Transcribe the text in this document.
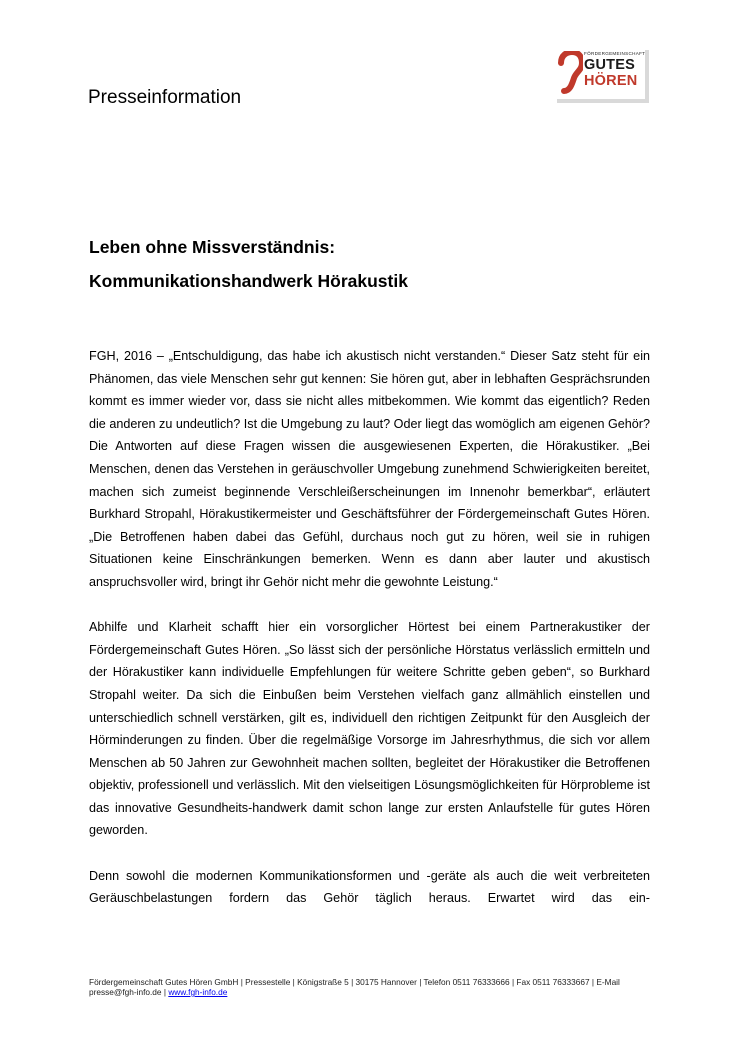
FÖRDERGEMEINSCHAFT
GUTES
HÖREN
Presseinformation
Leben ohne Missverständnis:
Kommunikationshandwerk Hörakustik

FGH, 2016 – „Entschuldigung, das habe ich akustisch nicht verstanden.“ Dieser Satz steht für ein Phänomen, das viele Menschen sehr gut kennen: Sie hören gut, aber in lebhaften Gesprächsrunden kommt es immer wieder vor, dass sie nicht alles mitbekommen. Wie kommt das eigentlich? Reden die anderen zu undeutlich? Ist die Umgebung zu laut? Oder liegt das womöglich am eigenen Gehör? Die Antworten auf diese Fragen wissen die ausgewiesenen Experten, die Hörakustiker. „Bei Menschen, denen das Verstehen in geräuschvoller Umgebung zunehmend Schwierigkeiten bereitet, machen sich zumeist beginnende Verschleißerscheinungen im Innenohr bemerkbar“, erläutert Burkhard Stropahl, Hörakustikermeister und Geschäftsführer der Fördergemeinschaft Gutes Hören. „Die Betroffenen haben dabei das Gefühl, durchaus noch gut zu hören, weil sie in ruhigen Situationen keine Einschränkungen bemerken. Wenn es dann aber lauter und akustisch anspruchsvoller wird, bringt ihr Gehör nicht mehr die gewohnte Leistung.“

Abhilfe und Klarheit schafft hier ein vorsorglicher Hörtest bei einem Partnerakustiker der Fördergemeinschaft Gutes Hören. „So lässt sich der persönliche Hörstatus verlässlich ermitteln und der Hörakustiker kann individuelle Empfehlungen für weitere Schritte geben geben“, so Burkhard Stropahl weiter. Da sich die Einbußen beim Verstehen vielfach ganz allmählich einstellen und unterschiedlich schnell verstärken, gilt es, individuell den richtigen Zeitpunkt für den Ausgleich der Hörminderungen zu finden. Über die regelmäßige Vorsorge im Jahresrhythmus, die sich vor allem Menschen ab 50 Jahren zur Gewohnheit machen sollten, begleitet der Hörakustiker die Betroffenen objektiv, professionell und verlässlich. Mit den vielseitigen Lösungsmöglichkeiten für Hörprobleme ist das innovative Gesundheits-handwerk damit schon lange zur ersten Anlaufstelle für gutes Hören geworden.

Denn sowohl die modernen Kommunikationsformen und -geräte als auch die weit verbreiteten Geräuschbelastungen fordern das Gehör täglich heraus. Erwartet wird das ein-

Fördergemeinschaft Gutes Hören GmbH | Pressestelle | Königstraße 5 | 30175 Hannover | Telefon 0511 76333666 | Fax 0511 76333667 | E-Mail presse@fgh-info.de | www.fgh-info.de
